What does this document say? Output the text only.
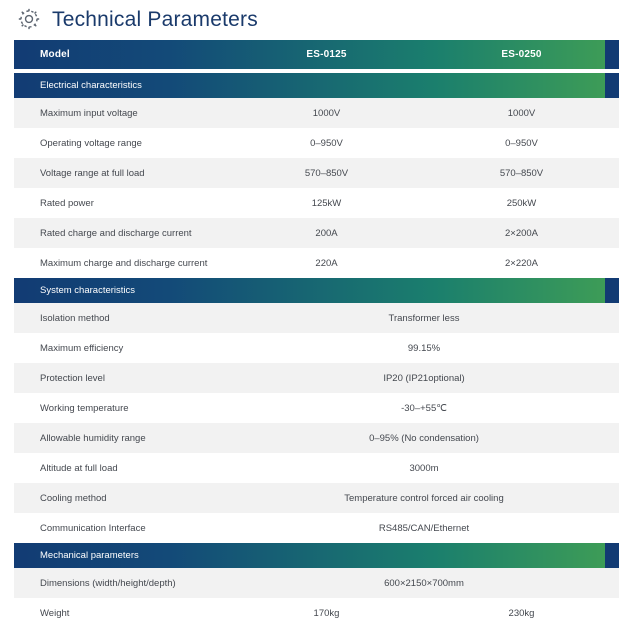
Technical Parameters
Model	ES-0125	ES-0250

Electrical characteristics		
Maximum input voltage	1000V	1000V
Operating voltage range	0–950V	0–950V
Voltage range at full load	570–850V	570–850V
Rated power	125kW	250kW
Rated charge and discharge current	200A	2×200A
Maximum charge and discharge current	220A	2×220A
System characteristics		
Isolation method	Transformer less	
Maximum efficiency	99.15%	
Protection level	IP20 (IP21optional)	
Working temperature	-30–+55℃	
Allowable humidity range	0–95% (No condensation)	
Altitude at full load	3000m	
Cooling method	Temperature control forced air cooling	
Communication Interface	RS485/CAN/Ethernet	
Mechanical parameters		
Dimensions (width/height/depth)	600×2150×700mm	
Weight	170kg	230kg
